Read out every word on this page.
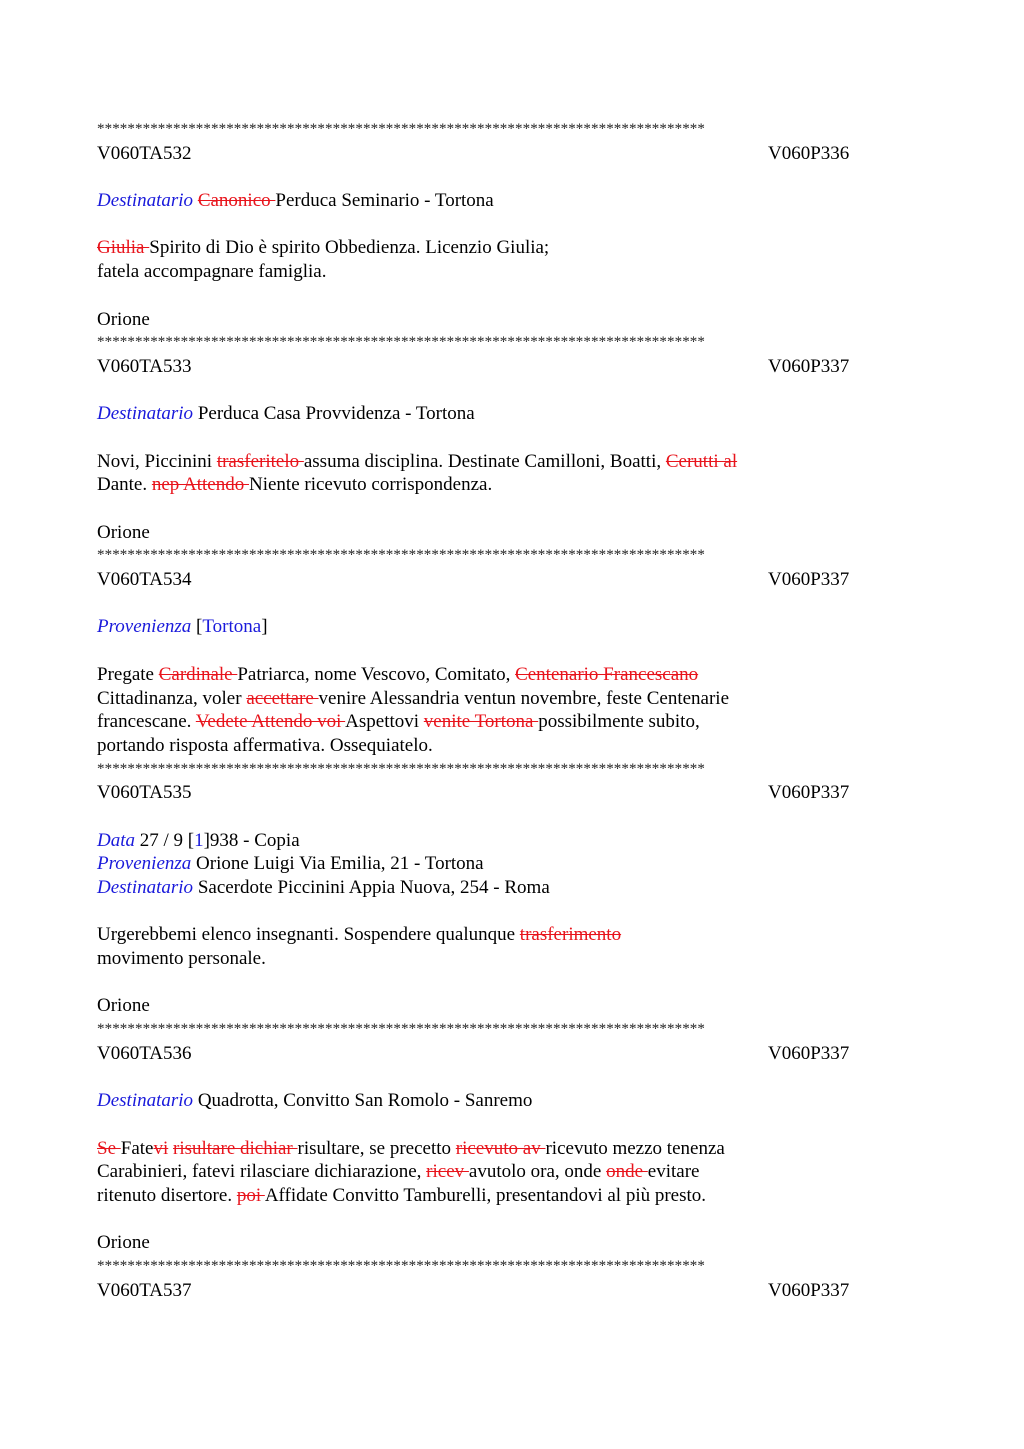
********************************************************************************
V060TA532	V060P336
Destinatario Canonico Perduca Seminario - Tortona
Giulia Spirito di Dio è spirito Obbedienza. Licenzio Giulia;
fatela accompagnare famiglia.
Orione
********************************************************************************
V060TA533	V060P337
Destinatario Perduca Casa Provvidenza - Tortona
Novi, Piccinini trasferitelo assuma disciplina. Destinate Camilloni, Boatti, Cerutti al
Dante. nep Attendo Niente ricevuto corrispondenza.
Orione
********************************************************************************
V060TA534	V060P337
Provenienza [Tortona]
Pregate Cardinale Patriarca, nome Vescovo, Comitato, Centenario Francescano
Cittadinanza, voler accettare venire Alessandria ventun novembre, feste Centenarie
francescane. Vedete Attendo voi Aspettovi venite Tortona possibilmente subito,
portando risposta affermativa. Ossequiatelo.
********************************************************************************
V060TA535	V060P337
Data 27 / 9 [1]938 - Copia
Provenienza Orione Luigi Via Emilia, 21 - Tortona
Destinatario Sacerdote Piccinini Appia Nuova, 254 - Roma
Urgerebbemi elenco insegnanti. Sospendere qualunque trasferimento
movimento personale.
Orione
********************************************************************************
V060TA536	V060P337
Destinatario Quadrotta, Convitto San Romolo - Sanremo
Se Fatevi risultare dichiar risultare, se precetto ricevuto av ricevuto mezzo tenenza
Carabinieri, fatevi rilasciare dichiarazione, ricev avutolo ora, onde onde evitare
ritenuto disertore. poi Affidate Convitto Tamburelli, presentandovi al più presto.
Orione
********************************************************************************
V060TA537	V060P337
